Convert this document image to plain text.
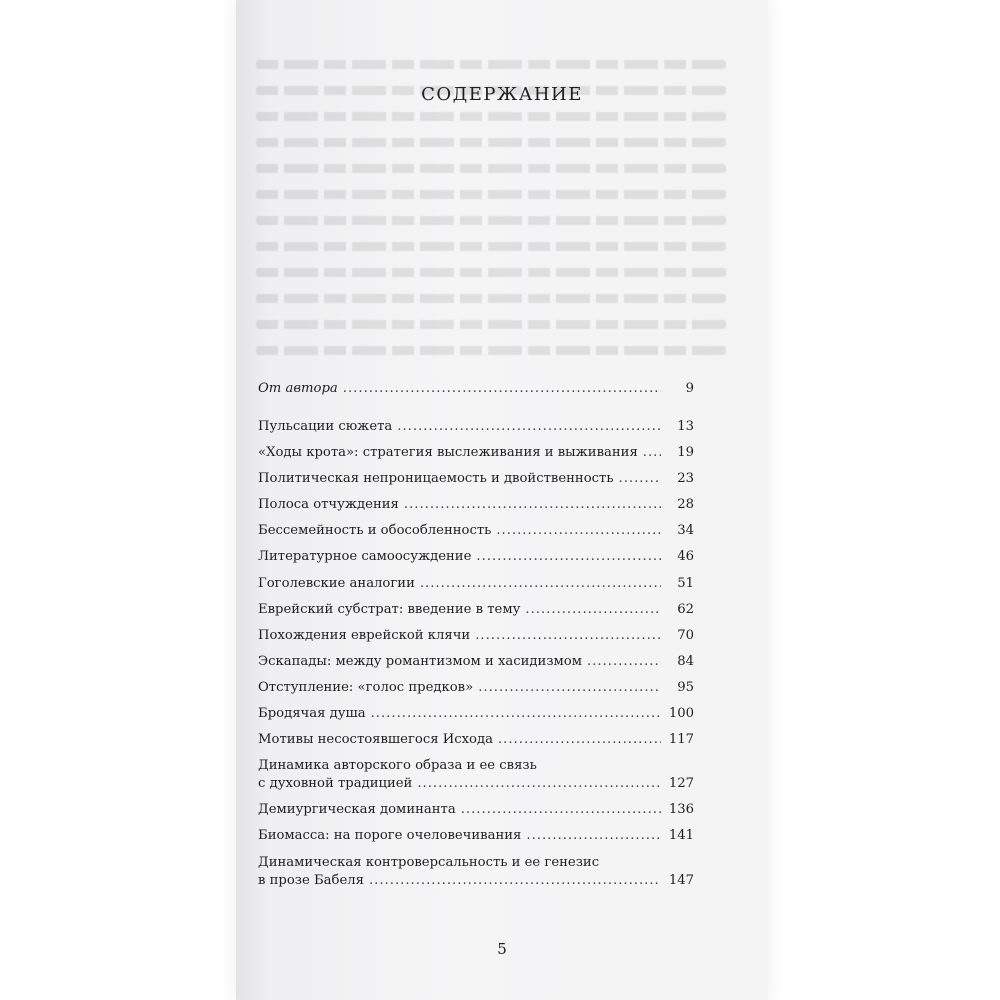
СОДЕРЖАНИЕ
От автора .....	9
Пульсации сюжета .....	13
«Ходы крота»: стратегия выслеживания и выживания .....	19
Политическая непроницаемость и двойственность .....	23
Полоса отчуждения .....	28
Бессемейность и обособленность .....	34
Литературное самоосуждение .....	46
Гоголевские аналогии .....	51
Еврейский субстрат: введение в тему .....	62
Похождения еврейской клячи .....	70
Эскапады: между романтизмом и хасидизмом .....	84
Отступление: «голос предков» .....	95
Бродячая душа .....	100
Мотивы несостоявшегося Исхода .....	117
Динамика авторского образа и ее связь
с духовной традицией .....	127
Демиургическая доминанта .....	136
Биомасса: на пороге очеловечивания .....	141
Динамическая контроверсальность и ее генезис
в прозе Бабеля .....	147
5
